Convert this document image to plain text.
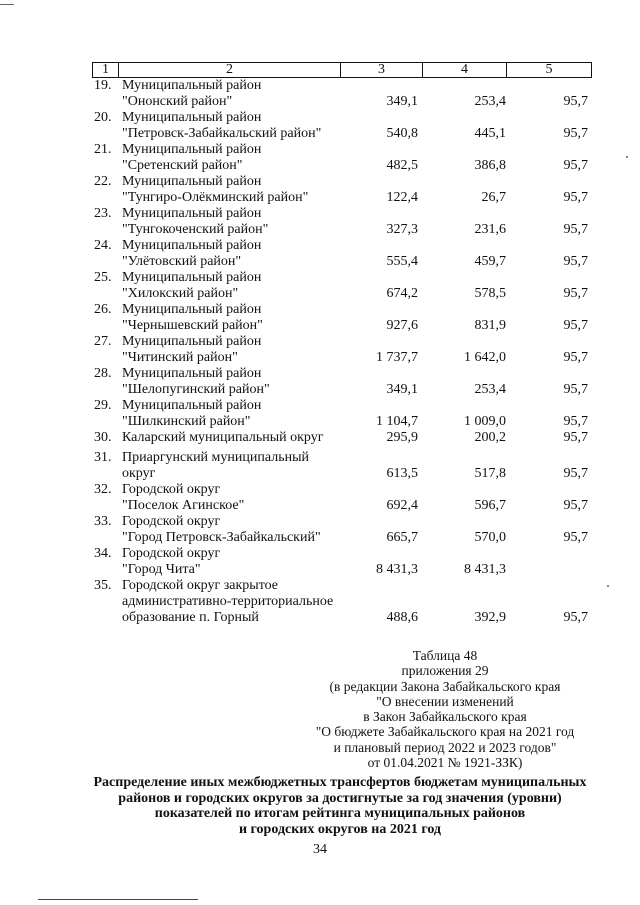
1	2	3	4	5
19. Муниципальный район
"Ононский район"	349,1	253,4	95,7
20. Муниципальный район
"Петровск-Забайкальский район"	540,8	445,1	95,7
21. Муниципальный район
"Сретенский район"	482,5	386,8	95,7
22. Муниципальный район
"Тунгиро-Олёкминский район"	122,4	26,7	95,7
23. Муниципальный район
"Тунгокоченский район"	327,3	231,6	95,7
24. Муниципальный район
"Улётовский район"	555,4	459,7	95,7
25. Муниципальный район
"Хилокский район"	674,2	578,5	95,7
26. Муниципальный район
"Чернышевский район"	927,6	831,9	95,7
27. Муниципальный район
"Читинский район"	1 737,7	1 642,0	95,7
28. Муниципальный район
"Шелопугинский район"	349,1	253,4	95,7
29. Муниципальный район
"Шилкинский район"	1 104,7	1 009,0	95,7
30. Каларский муниципальный округ	295,9	200,2	95,7
31. Приаргунский муниципальный
округ	613,5	517,8	95,7
32. Городской округ
"Поселок Агинское"	692,4	596,7	95,7
33. Городской округ
"Город Петровск-Забайкальский"	665,7	570,0	95,7
34. Городской округ
"Город Чита"	8 431,3	8 431,3
35. Городской округ закрытое
административно-территориальное
образование п. Горный	488,6	392,9	95,7
Таблица 48
приложения 29
(в редакции Закона Забайкальского края
"О внесении изменений
в Закон Забайкальского края
"О бюджете Забайкальского края на 2021 год
и плановый период 2022 и 2023 годов"
от 01.04.2021 № 1921-ЗЗК)
Распределение иных межбюджетных трансфертов бюджетам муниципальных
районов и городских округов за достигнутые за год значения (уровни)
показателей по итогам рейтинга муниципальных районов
и городских округов на 2021 год
34
